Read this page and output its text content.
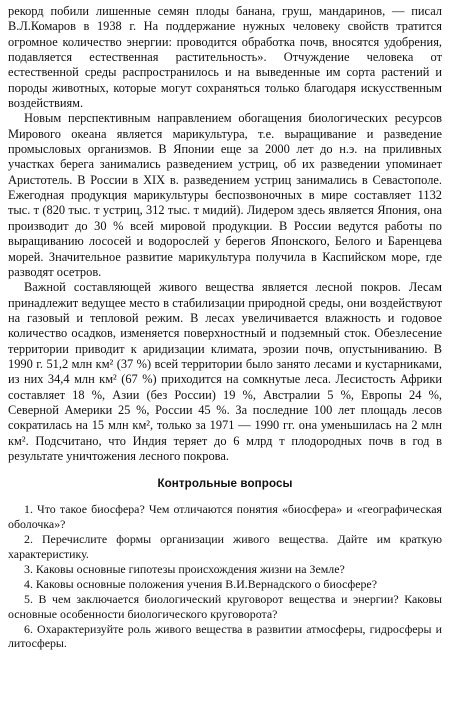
рекорд побили лишенные семян плоды банана, груш, мандаринов, — писал В.Л.Комаров в 1938 г. На поддержание нужных человеку свойств тратится огромное количество энергии: проводится обработка почв, вносятся удобрения, подавляется естественная растительность». Отчуждение человека от естественной среды распространилось и на выведенные им сорта растений и породы животных, которые могут сохраняться только благодаря искусственным воздействиям.

Новым перспективным направлением обогащения биологических ресурсов Мирового океана является марикультура, т.е. выращивание и разведение промысловых организмов. В Японии еще за 2000 лет до н.э. на приливных участках берега занимались разведением устриц, об их разведении упоминает Аристотель. В России в XIX в. разведением устриц занимались в Севастополе. Ежегодная продукция марикультуры беспозвоночных в мире составляет 1132 тыс. т (820 тыс. т устриц, 312 тыс. т мидий). Лидером здесь является Япония, она производит до 30 % всей мировой продукции. В России ведутся работы по выращиванию лососей и водорослей у берегов Японского, Белого и Баренцева морей. Значительное развитие марикультура получила в Каспийском море, где разводят осетров.

Важной составляющей живого вещества является лесной покров. Лесам принадлежит ведущее место в стабилизации природной среды, они воздействуют на газовый и тепловой режим. В лесах увеличивается влажность и годовое количество осадков, изменяется поверхностный и подземный сток. Обезлесение территории приводит к аридизации климата, эрозии почв, опустыниванию. В 1990 г. 51,2 млн км² (37 %) всей территории было занято лесами и кустарниками, из них 34,4 млн км² (67 %) приходится на сомкнутые леса. Лесистость Африки составляет 18 %, Азии (без России) 19 %, Австралии 5 %, Европы 24 %, Северной Америки 25 %, России 45 %. За последние 100 лет площадь лесов сократилась на 15 млн км², только за 1971 — 1990 гг. она уменьшилась на 2 млн км². Подсчитано, что Индия теряет до 6 млрд т плодородных почв в год в результате уничтожения лесного покрова.

Контрольные вопросы

1. Что такое биосфера? Чем отличаются понятия «биосфера» и «географическая оболочка»?

2. Перечислите формы организации живого вещества. Дайте им краткую характеристику.

3. Каковы основные гипотезы происхождения жизни на Земле?

4. Каковы основные положения учения В.И.Вернадского о биосфере?

5. В чем заключается биологический круговорот вещества и энергии? Каковы основные особенности биологического круговорота?

6. Охарактеризуйте роль живого вещества в развитии атмосферы, гидросферы и литосферы.
